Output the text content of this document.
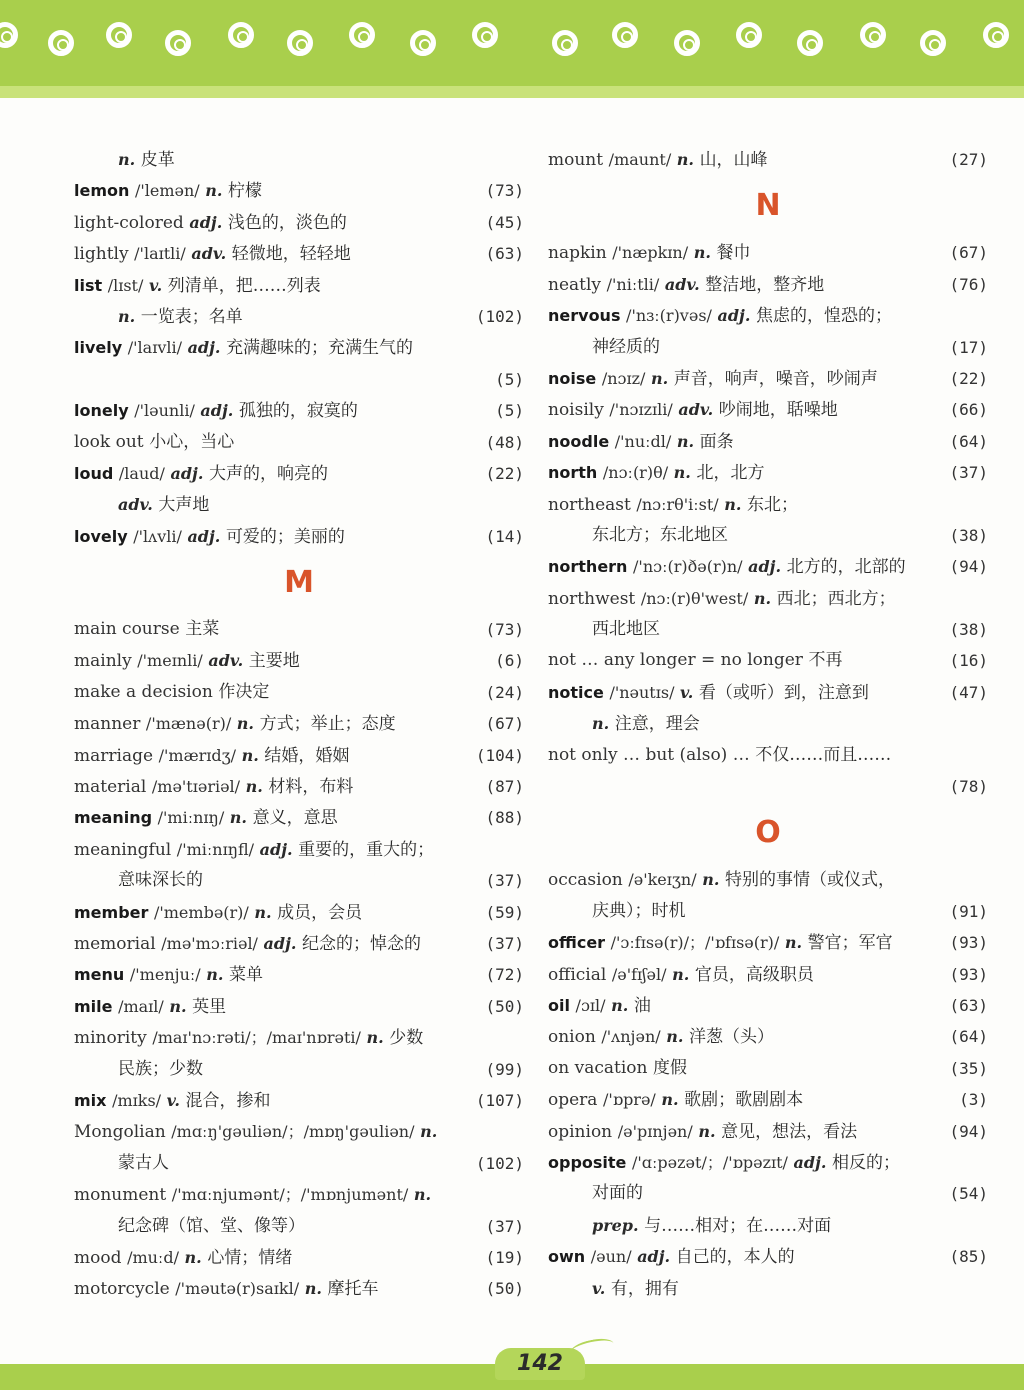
n. 皮革
lemon /'lemən/ n. 柠檬	(73)
light-colored adj. 浅色的，淡色的	(45)
lightly /'laɪtli/ adv. 轻微地，轻轻地	(63)
list /lɪst/ v. 列清单，把……列表
n. 一览表；名单	(102)
lively /'laɪvli/ adj. 充满趣味的；充满生气的
(5)
lonely /'ləunli/ adj. 孤独的，寂寞的	(5)
look out 小心，当心	(48)
loud /laud/ adj. 大声的，响亮的	(22)
adv. 大声地
lovely /'lʌvli/ adj. 可爱的；美丽的	(14)
M
main course 主菜	(73)
mainly /'meɪnli/ adv. 主要地	(6)
make a decision 作决定	(24)
manner /'mænə(r)/ n. 方式；举止；态度	(67)
marriage /'mærɪdʒ/ n. 结婚，婚姻	(104)
material /mə'tɪəriəl/ n. 材料，布料	(87)
meaning /'miːnɪŋ/ n. 意义，意思	(88)
meaningful /'miːnɪŋfl/ adj. 重要的，重大的；
意味深长的	(37)
member /'membə(r)/ n. 成员，会员	(59)
memorial /mə'mɔːriəl/ adj. 纪念的；悼念的	(37)
menu /'menjuː/ n. 菜单	(72)
mile /maɪl/ n. 英里	(50)
minority /maɪ'nɔːrəti/；/maɪ'nɒrəti/ n. 少数
民族；少数	(99)
mix /mɪks/ v. 混合，掺和	(107)
Mongolian /mɑːŋ'gəuliən/；/mɒŋ'gəuliən/ n.
蒙古人	(102)
monument /'mɑːnjumənt/；/'mɒnjumənt/ n.
纪念碑（馆、堂、像等）	(37)
mood /muːd/ n. 心情；情绪	(19)
motorcycle /'məutə(r)saɪkl/ n. 摩托车	(50)
mount /maunt/ n. 山，山峰	(27)
N
napkin /'næpkɪn/ n. 餐巾	(67)
neatly /'niːtli/ adv. 整洁地，整齐地	(76)
nervous /'nɜː(r)vəs/ adj. 焦虑的，惶恐的；
神经质的	(17)
noise /nɔɪz/ n. 声音，响声，噪音，吵闹声	(22)
noisily /'nɔɪzɪli/ adv. 吵闹地，聒噪地	(66)
noodle /'nuːdl/ n. 面条	(64)
north /nɔː(r)θ/ n. 北，北方	(37)
northeast /nɔːrθ'iːst/ n. 东北；
东北方；东北地区	(38)
northern /'nɔː(r)ðə(r)n/ adj. 北方的，北部的	(94)
northwest /nɔː(r)θ'west/ n. 西北；西北方；
西北地区	(38)
not … any longer = no longer 不再	(16)
notice /'nəutɪs/ v. 看（或听）到，注意到	(47)
n. 注意，理会
not only … but (also) … 不仅……而且……
(78)
O
occasion /ə'keɪʒn/ n. 特别的事情（或仪式，
庆典）；时机	(91)
officer /'ɔːfɪsə(r)/；/'ɒfɪsə(r)/ n. 警官；军官	(93)
official /ə'fɪʃəl/ n. 官员，高级职员	(93)
oil /ɔɪl/ n. 油	(63)
onion /'ʌnjən/ n. 洋葱（头）	(64)
on vacation 度假	(35)
opera /'ɒprə/ n. 歌剧；歌剧剧本	(3)
opinion /ə'pɪnjən/ n. 意见，想法，看法	(94)
opposite /'ɑːpəzət/；/'ɒpəzɪt/ adj. 相反的；
对面的	(54)
prep. 与……相对；在……对面
own /əun/ adj. 自己的，本人的	(85)
v. 有，拥有
142
